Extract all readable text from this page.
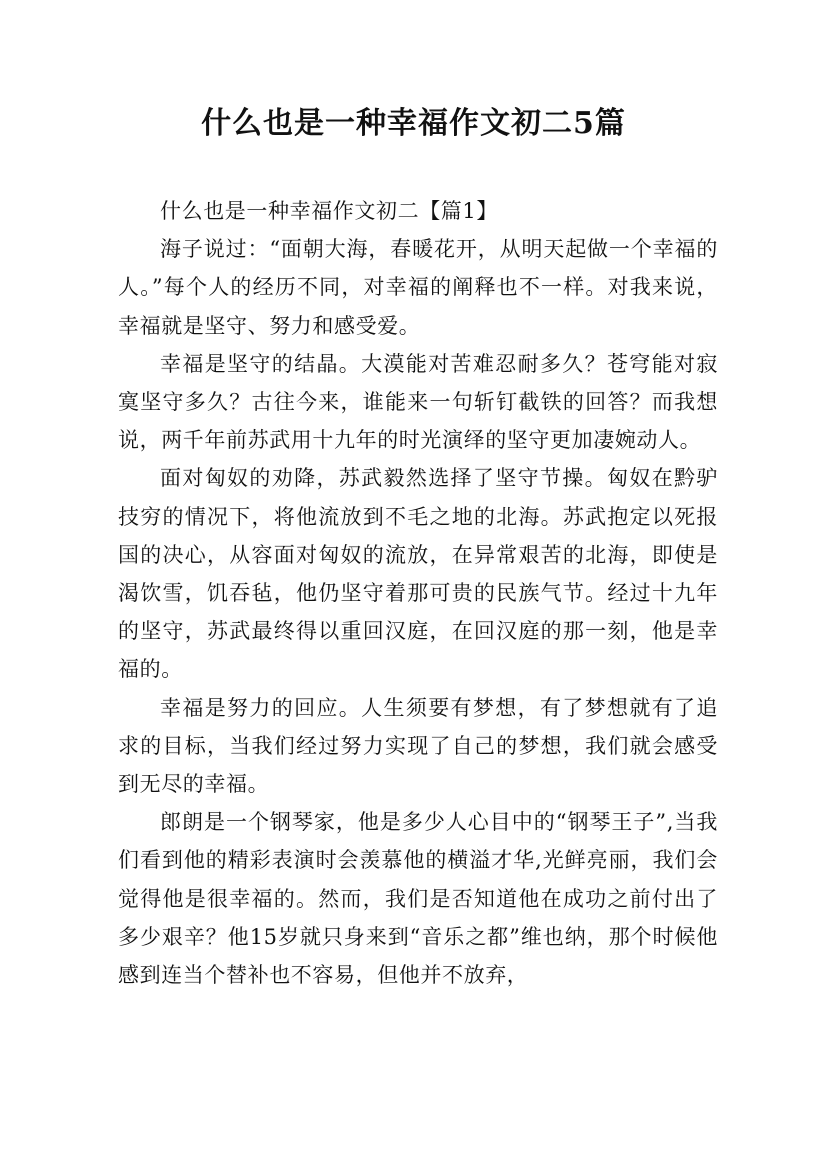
什么也是一种幸福作文初二5篇

什么也是一种幸福作文初二【篇1】

海子说过：“面朝大海，春暖花开，从明天起做一个幸福的人。”每个人的经历不同，对幸福的阐释也不一样。对我来说，幸福就是坚守、努力和感受爱。

幸福是坚守的结晶。大漠能对苦难忍耐多久？苍穹能对寂寞坚守多久？古往今来，谁能来一句斩钉截铁的回答？而我想说，两千年前苏武用十九年的时光演绎的坚守更加凄婉动人。

面对匈奴的劝降，苏武毅然选择了坚守节操。匈奴在黔驴技穷的情况下，将他流放到不毛之地的北海。苏武抱定以死报国的决心，从容面对匈奴的流放，在异常艰苦的北海，即使是渴饮雪，饥吞毡，他仍坚守着那可贵的民族气节。经过十九年的坚守，苏武最终得以重回汉庭，在回汉庭的那一刻，他是幸福的。

幸福是努力的回应。人生须要有梦想，有了梦想就有了追求的目标，当我们经过努力实现了自己的梦想，我们就会感受到无尽的幸福。

郎朗是一个钢琴家，他是多少人心目中的“钢琴王子”,当我们看到他的精彩表演时会羡慕他的横溢才华,光鲜亮丽，我们会觉得他是很幸福的。然而，我们是否知道他在成功之前付出了多少艰辛？他15岁就只身来到“音乐之都”维也纳，那个时候他感到连当个替补也不容易，但他并不放弃，
